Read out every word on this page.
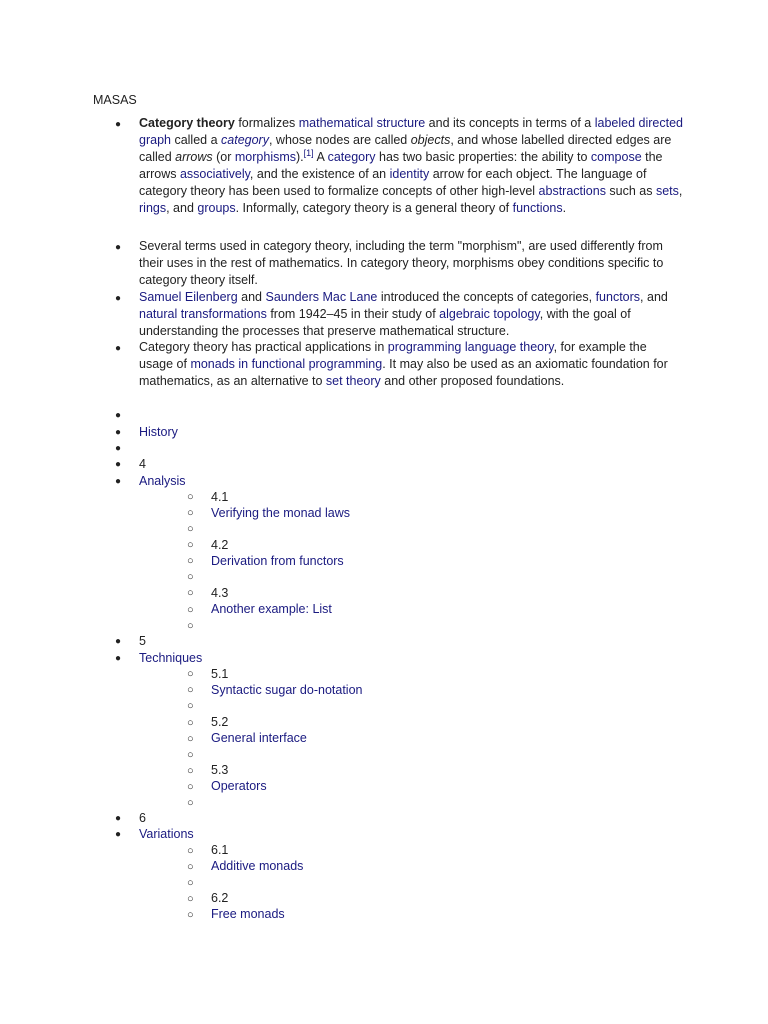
MASAS
● Category theory formalizes mathematical structure and its concepts in terms of a labeled directed graph called a category, whose nodes are called objects, and whose labelled directed edges are called arrows (or morphisms).[1] A category has two basic properties: the ability to compose the arrows associatively, and the existence of an identity arrow for each object. The language of category theory has been used to formalize concepts of other high-level abstractions such as sets, rings, and groups. Informally, category theory is a general theory of functions.
● Several terms used in category theory, including the term "morphism", are used differently from their uses in the rest of mathematics. In category theory, morphisms obey conditions specific to category theory itself.
● Samuel Eilenberg and Saunders Mac Lane introduced the concepts of categories, functors, and natural transformations from 1942–45 in their study of algebraic topology, with the goal of understanding the processes that preserve mathematical structure.
● Category theory has practical applications in programming language theory, for example the usage of monads in functional programming. It may also be used as an axiomatic foundation for mathematics, as an alternative to set theory and other proposed foundations.
●
● History
●
● 4
● Analysis
○ 4.1
○ Verifying the monad laws
○
○ 4.2
○ Derivation from functors
○
○ 4.3
○ Another example: List
○
● 5
● Techniques
○ 5.1
○ Syntactic sugar do-notation
○
○ 5.2
○ General interface
○
○ 5.3
○ Operators
○
● 6
● Variations
○ 6.1
○ Additive monads
○
○ 6.2
○ Free monads
